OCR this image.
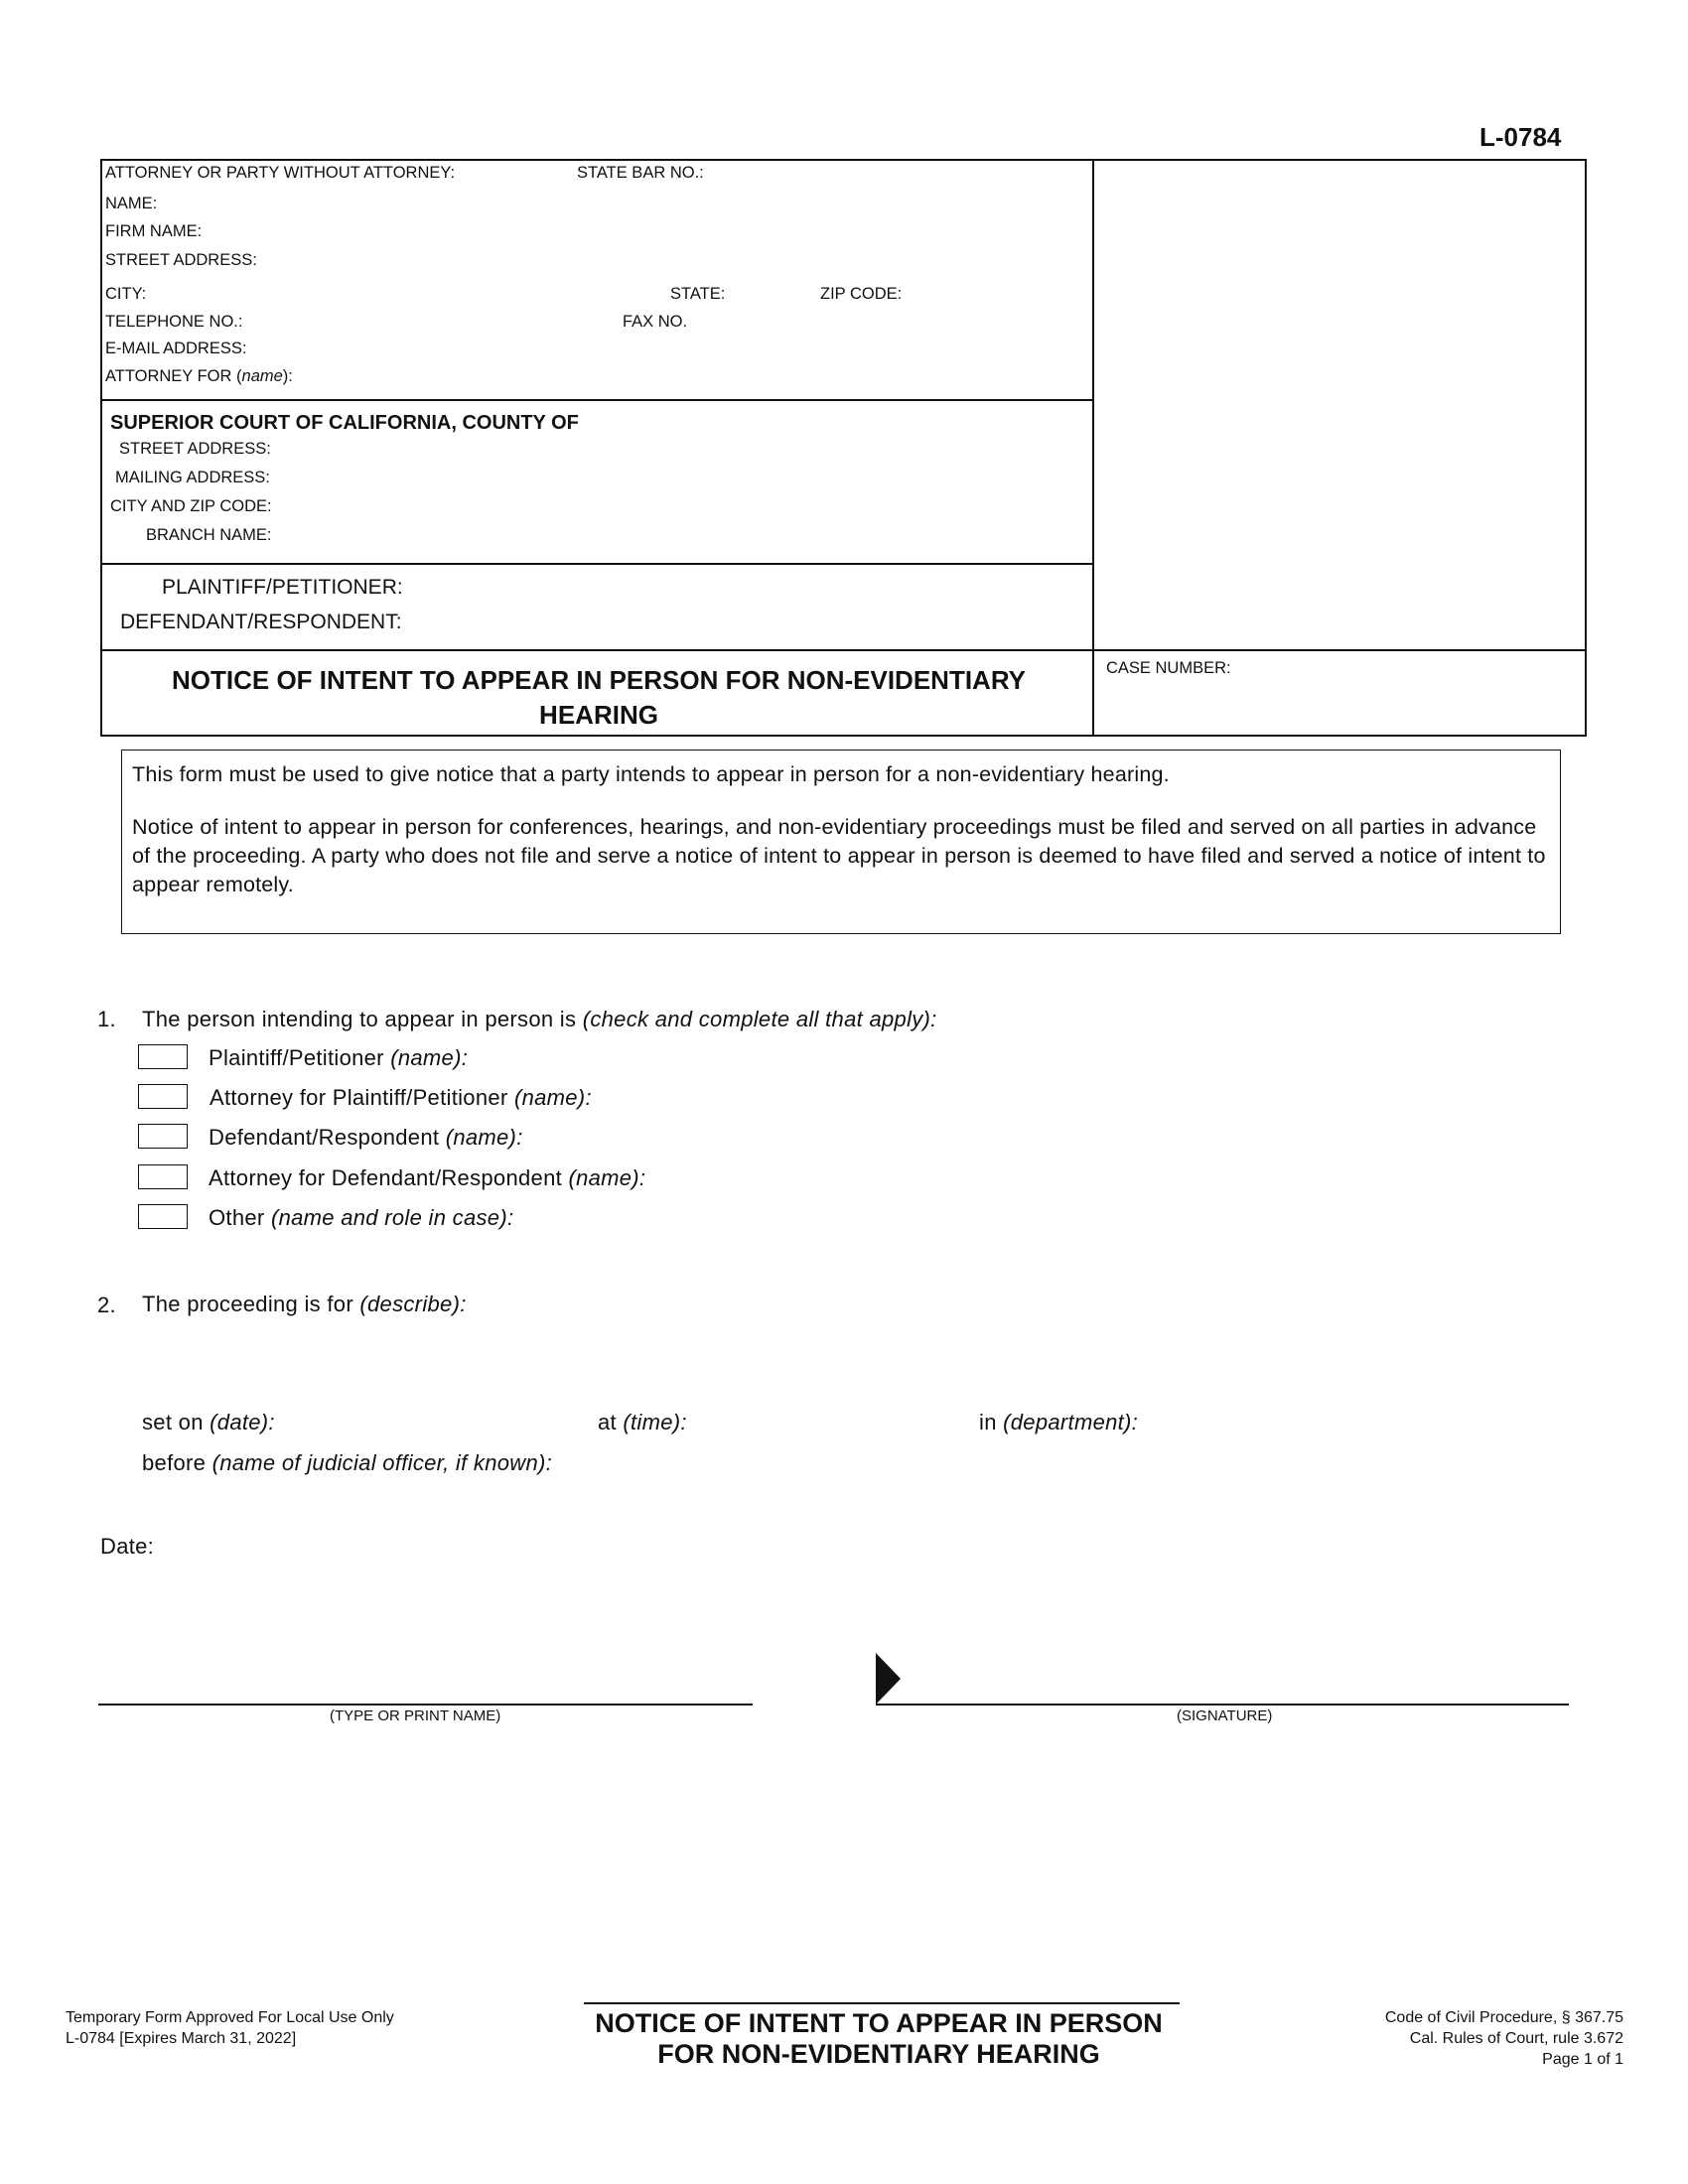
L-0784
ATTORNEY OR PARTY WITHOUT ATTORNEY:	STATE BAR NO.:
NAME:
FIRM NAME:
STREET ADDRESS:
CITY:	STATE:	ZIP CODE:
TELEPHONE NO.:	FAX NO.
E-MAIL ADDRESS:
ATTORNEY FOR (name):
SUPERIOR COURT OF CALIFORNIA, COUNTY OF
STREET ADDRESS:
MAILING ADDRESS:
CITY AND ZIP CODE:
BRANCH NAME:
PLAINTIFF/PETITIONER:
DEFENDANT/RESPONDENT:
NOTICE OF INTENT TO APPEAR IN PERSON FOR NON-EVIDENTIARY HEARING
CASE NUMBER:

This form must be used to give notice that a party intends to appear in person for a non-evidentiary hearing.

Notice of intent to appear in person for conferences, hearings, and non-evidentiary proceedings must be filed and served on all parties in advance of the proceeding. A party who does not file and serve a notice of intent to appear in person is deemed to have filed and served a notice of intent to appear remotely.

1. The person intending to appear in person is (check and complete all that apply):
Plaintiff/Petitioner (name):
Attorney for Plaintiff/Petitioner (name):
Defendant/Respondent (name):
Attorney for Defendant/Respondent (name):
Other (name and role in case):
2. The proceeding is for (describe):
set on (date):	at (time):	in (department):
before (name of judicial officer, if known):
Date:
(TYPE OR PRINT NAME)	(SIGNATURE)
Temporary Form Approved For Local Use Only
L-0784 [Expires March 31, 2022]
NOTICE OF INTENT TO APPEAR IN PERSON
FOR NON-EVIDENTIARY HEARING
Code of Civil Procedure, § 367.75
Cal. Rules of Court, rule 3.672
Page 1 of 1
